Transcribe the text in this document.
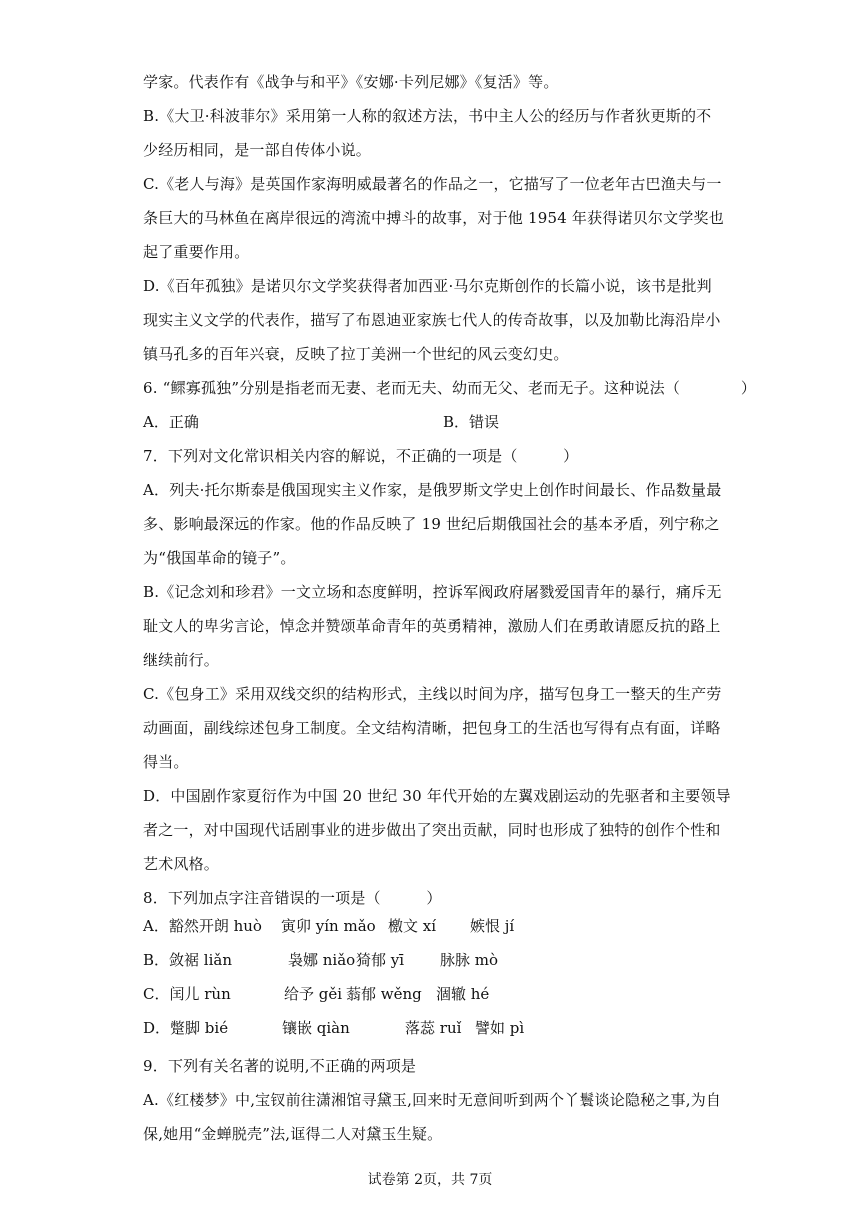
学家。代表作有《战争与和平》《安娜·卡列尼娜》《复活》等。
B.《大卫·科波菲尔》采用第一人称的叙述方法，书中主人公的经历与作者狄更斯的不
少经历相同，是一部自传体小说。
C.《老人与海》是英国作家海明威最著名的作品之一，它描写了一位老年古巴渔夫与一
条巨大的马林鱼在离岸很远的湾流中搏斗的故事，对于他 1954 年获得诺贝尔文学奖也
起了重要作用。
D.《百年孤独》是诺贝尔文学奖获得者加西亚·马尔克斯创作的长篇小说，该书是批判
现实主义文学的代表作，描写了布恩迪亚家族七代人的传奇故事，以及加勒比海沿岸小
镇马孔多的百年兴衰，反映了拉丁美洲一个世纪的风云变幻史。
6. “鳏寡孤独”分别是指老而无妻、老而无夫、幼而无父、老而无子。这种说法（　　　　）
A．正确	B．错误
7．下列对文化常识相关内容的解说，不正确的一项是（　　　）
A．列夫·托尔斯泰是俄国现实主义作家，是俄罗斯文学史上创作时间最长、作品数量最
多、影响最深远的作家。他的作品反映了 19 世纪后期俄国社会的基本矛盾，列宁称之
为“俄国革命的镜子”。
B.《记念刘和珍君》一文立场和态度鲜明，控诉军阀政府屠戮爱国青年的暴行，痛斥无
耻文人的卑劣言论，悼念并赞颂革命青年的英勇精神，激励人们在勇敢请愿反抗的路上
继续前行。
C.《包身工》采用双线交织的结构形式，主线以时间为序，描写包身工一整天的生产劳
动画面，副线综述包身工制度。全文结构清晰，把包身工的生活也写得有点有面，详略
得当。
D．中国剧作家夏衍作为中国 20 世纪 30 年代开始的左翼戏剧运动的先驱者和主要领导
者之一，对中国现代话剧事业的进步做出了突出贡献，同时也形成了独特的创作个性和
艺术风格。
8．下列加点字注音错误的一项是（　　　）
A．豁然开朗 huò 寅卯 yín mǎo 檄文 xí 嫉恨 jí
B．敛裾 liǎn	袅娜 niǎo 猗郁 yī 脉脉 mò
C．闰儿 rùn	给予 gěi 蓊郁 wěng 涸辙 hé
D．蹩脚 bié	镶嵌 qiàn	落蕊 ruǐ 譬如 pì
9．下列有关名著的说明,不正确的两项是
A.《红楼梦》中,宝钗前往潇湘馆寻黛玉,回来时无意间听到两个丫鬟谈论隐秘之事,为自
保,她用“金蝉脱壳”法,诓得二人对黛玉生疑。
试卷第 2页，共 7页
